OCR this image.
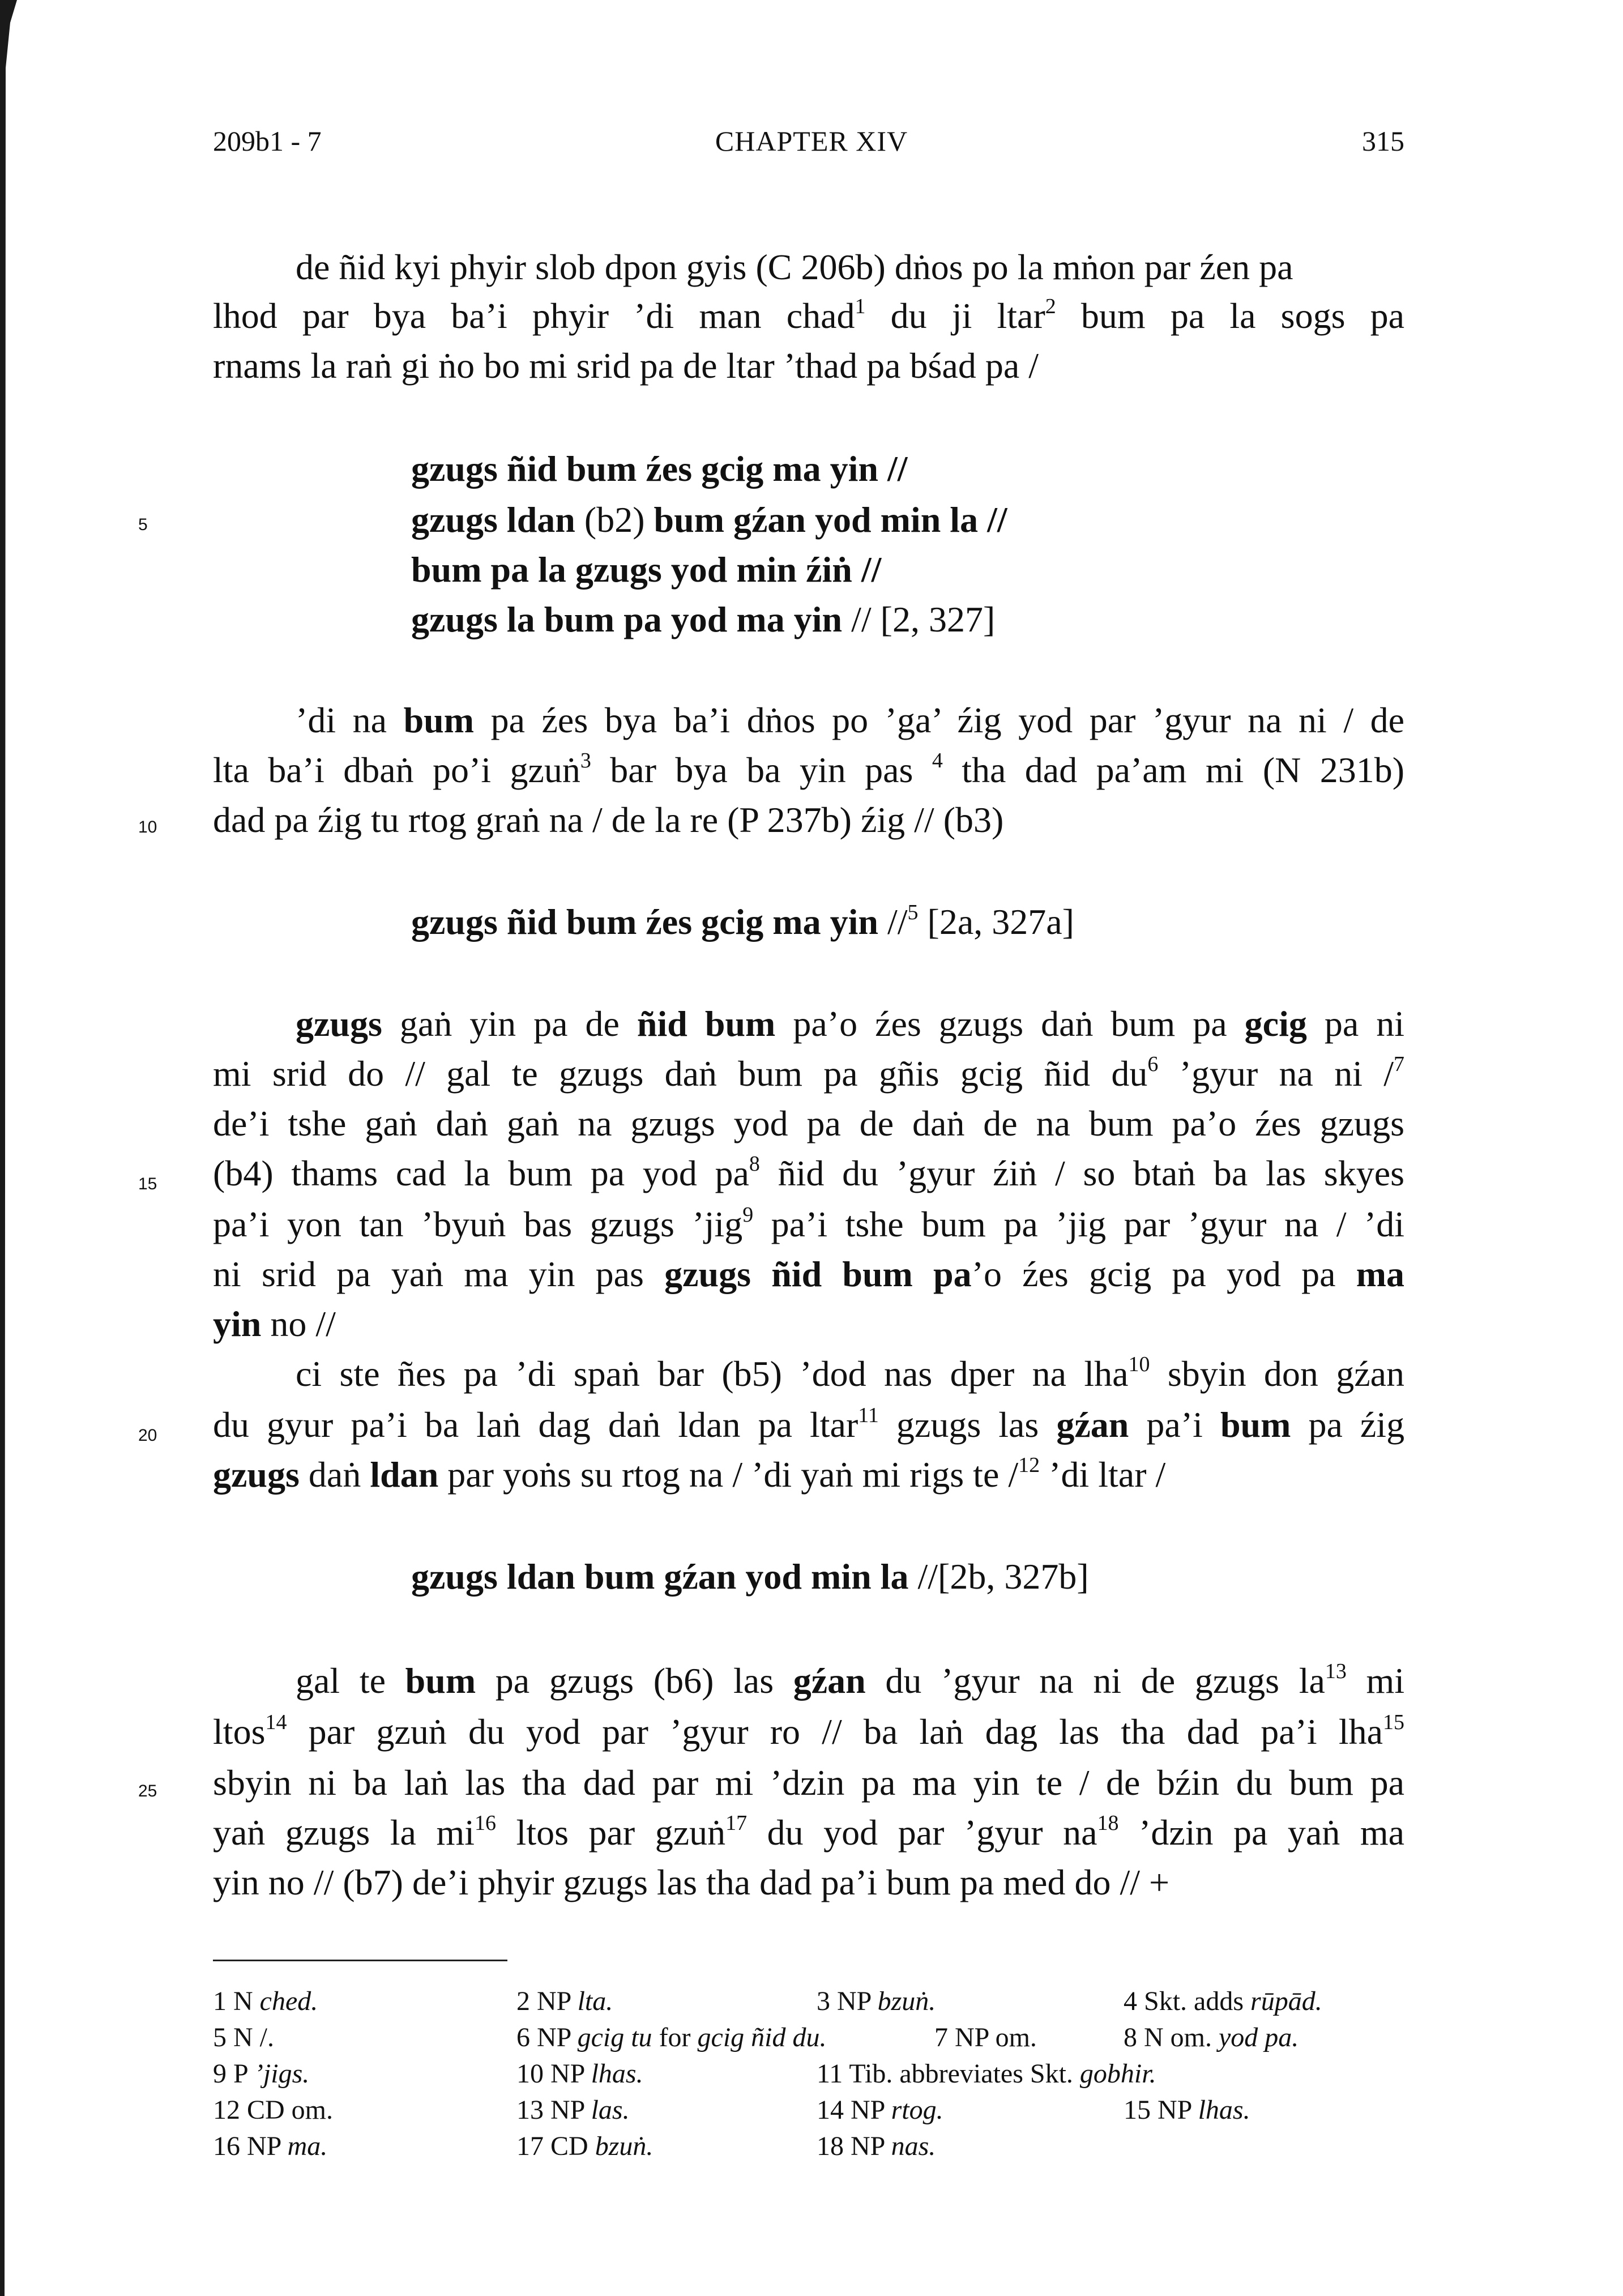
209b1 - 7	CHAPTER XIV	315
5
10
15
20
25
de ñid kyi phyir slob dpon gyis (C 206b) dṅos po la mṅon par źen pa
lhod par bya ba’i phyir ’di man chad$^1$ du ji ltar$^2$ bum pa la sogs pa
rnams la raṅ gi ṅo bo mi srid pa de ltar ’thad pa bśad pa /
gzugs ñid bum źes gcig ma yin //
gzugs ldan (b2) bum gźan yod min la //
bum pa la gzugs yod min źiṅ //
gzugs la bum pa yod ma yin // [2, 327]
’di na bum pa źes bya ba’i dṅos po ’ga’ źig yod par ’gyur na ni / de
lta ba’i dbaṅ po’i gzuṅ$^3$ bar bya ba yin pas $^4$ tha dad pa’am mi (N 231b)
dad pa źig tu rtog graṅ na / de la re (P 237b) źig // (b3)
gzugs ñid bum źes gcig ma yin //$^5$ [2a, 327a]
gzugs gaṅ yin pa de ñid bum pa’o źes gzugs daṅ bum pa gcig pa ni
mi srid do // gal te gzugs daṅ bum pa gñis gcig ñid $du^6$ ’gyur na ni /$^7$
de’i tshe gaṅ daṅ gaṅ na gzugs yod pa de daṅ de na bum pa’o źes gzugs
(b4) thams cad la bum pa yod $pa^8$ ñid du ’gyur źiṅ / so btaṅ ba las skyes
pa’i yon tan ’byuṅ bas gzugs ’jig$^9$ pa’i tshe bum pa ’jig par ’gyur na / ’di
ni srid pa yaṅ ma yin pas gzugs ñid bum pa’o źes gcig pa yod pa ma
yin no //
ci ste ñes pa ’di spaṅ bar (b5) ’dod nas dper na lha$^{10}$ sbyin don gźan
du gyur pa’i ba laṅ dag daṅ ldan pa ltar$^{11}$ gzugs las gźan pa’i bum pa źig
gzugs daṅ ldan par yoṅs su rtog na / ’di yaṅ mi rigs te /$^{12}$ ’di ltar /
gzugs ldan bum gźan yod min la //[2b, 327b]
gal te bum pa gzugs (b6) las gźan du ’gyur na ni de gzugs $la^{13}$ mi
ltos$^{14}$ par gzuṅ du yod par ’gyur ro // ba laṅ dag las tha dad pa’i lha$^{15}$
sbyin ni ba laṅ las tha dad par mi ’dzin pa ma yin te / de bźin du bum pa
yaṅ gzugs la $mi^{16}$ ltos par gzuṅ$^{17}$ du yod par ’gyur $na^{18}$ ’dzin pa yaṅ ma
yin no // (b7) de’i phyir gzugs las tha dad pa’i bum pa med do // +
1 N ched.	2 NP lta.	3 NP bzuṅ.	4 Skt. adds rūpād.
5 N /.	6 NP gcig tu for gcig ñid du.	7 NP om.	8 N om. yod pa.
9 P ’jigs.	10 NP lhas.	11 Tib. abbreviates Skt. gobhir.
12 CD om.	13 NP las.	14 NP rtog.	15 NP lhas.
16 NP ma.	17 CD bzuṅ.	18 NP nas.
